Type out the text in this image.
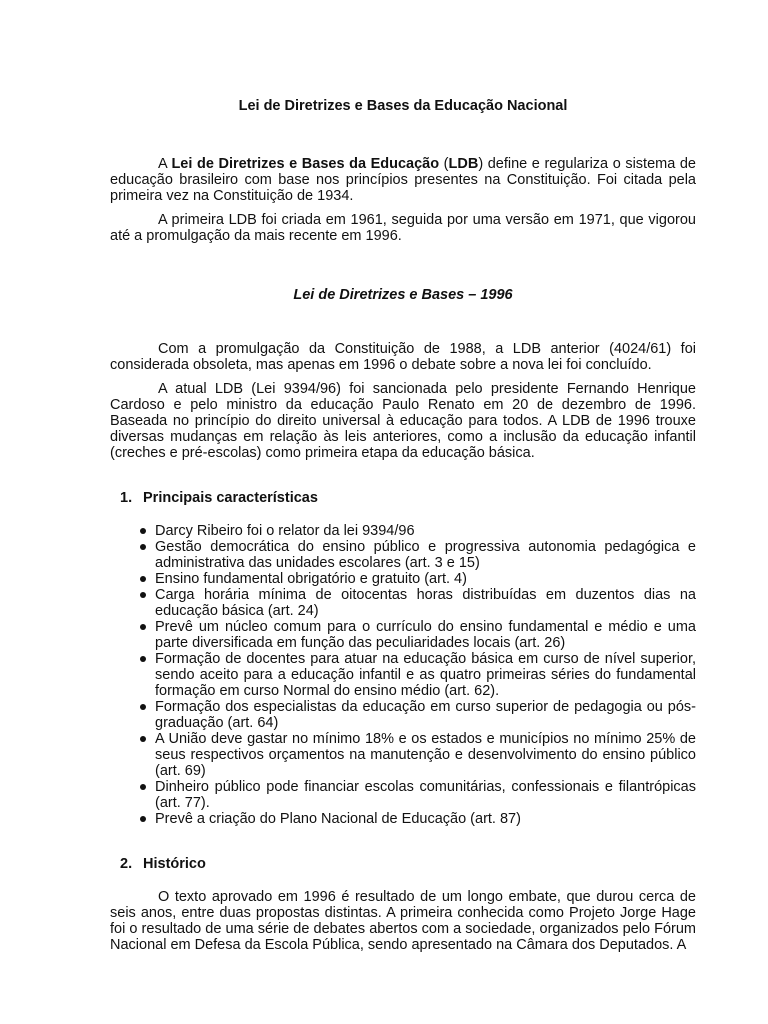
Lei de Diretrizes e Bases da Educação Nacional

A Lei de Diretrizes e Bases da Educação (LDB) define e regulariza o sistema de educação brasileiro com base nos princípios presentes na Constituição. Foi citada pela primeira vez na Constituição de 1934.

A primeira LDB foi criada em 1961, seguida por uma versão em 1971, que vigorou até a promulgação da mais recente em 1996.

Lei de Diretrizes e Bases – 1996

Com a promulgação da Constituição de 1988, a LDB anterior (4024/61) foi considerada obsoleta, mas apenas em 1996 o debate sobre a nova lei foi concluído.

A atual LDB (Lei 9394/96) foi sancionada pelo presidente Fernando Henrique Cardoso e pelo ministro da educação Paulo Renato em 20 de dezembro de 1996. Baseada no princípio do direito universal à educação para todos. A LDB de 1996 trouxe diversas mudanças em relação às leis anteriores, como a inclusão da educação infantil (creches e pré-escolas) como primeira etapa da educação básica.

1. Principais características
Darcy Ribeiro foi o relator da lei 9394/96
Gestão democrática do ensino público e progressiva autonomia pedagógica e administrativa das unidades escolares (art. 3 e 15)
Ensino fundamental obrigatório e gratuito (art. 4)
Carga horária mínima de oitocentas horas distribuídas em duzentos dias na educação básica (art. 24)
Prevê um núcleo comum para o currículo do ensino fundamental e médio e uma parte diversificada em função das peculiaridades locais (art. 26)
Formação de docentes para atuar na educação básica em curso de nível superior, sendo aceito para a educação infantil e as quatro primeiras séries do fundamental formação em curso Normal do ensino médio (art. 62).
Formação dos especialistas da educação em curso superior de pedagogia ou pós-graduação (art. 64)
A União deve gastar no mínimo 18% e os estados e municípios no mínimo 25% de seus respectivos orçamentos na manutenção e desenvolvimento do ensino público (art. 69)
Dinheiro público pode financiar escolas comunitárias, confessionais e filantrópicas (art. 77).
Prevê a criação do Plano Nacional de Educação (art. 87)
2. Histórico

O texto aprovado em 1996 é resultado de um longo embate, que durou cerca de seis anos, entre duas propostas distintas. A primeira conhecida como Projeto Jorge Hage foi o resultado de uma série de debates abertos com a sociedade, organizados pelo Fórum Nacional em Defesa da Escola Pública, sendo apresentado na Câmara dos Deputados. A
